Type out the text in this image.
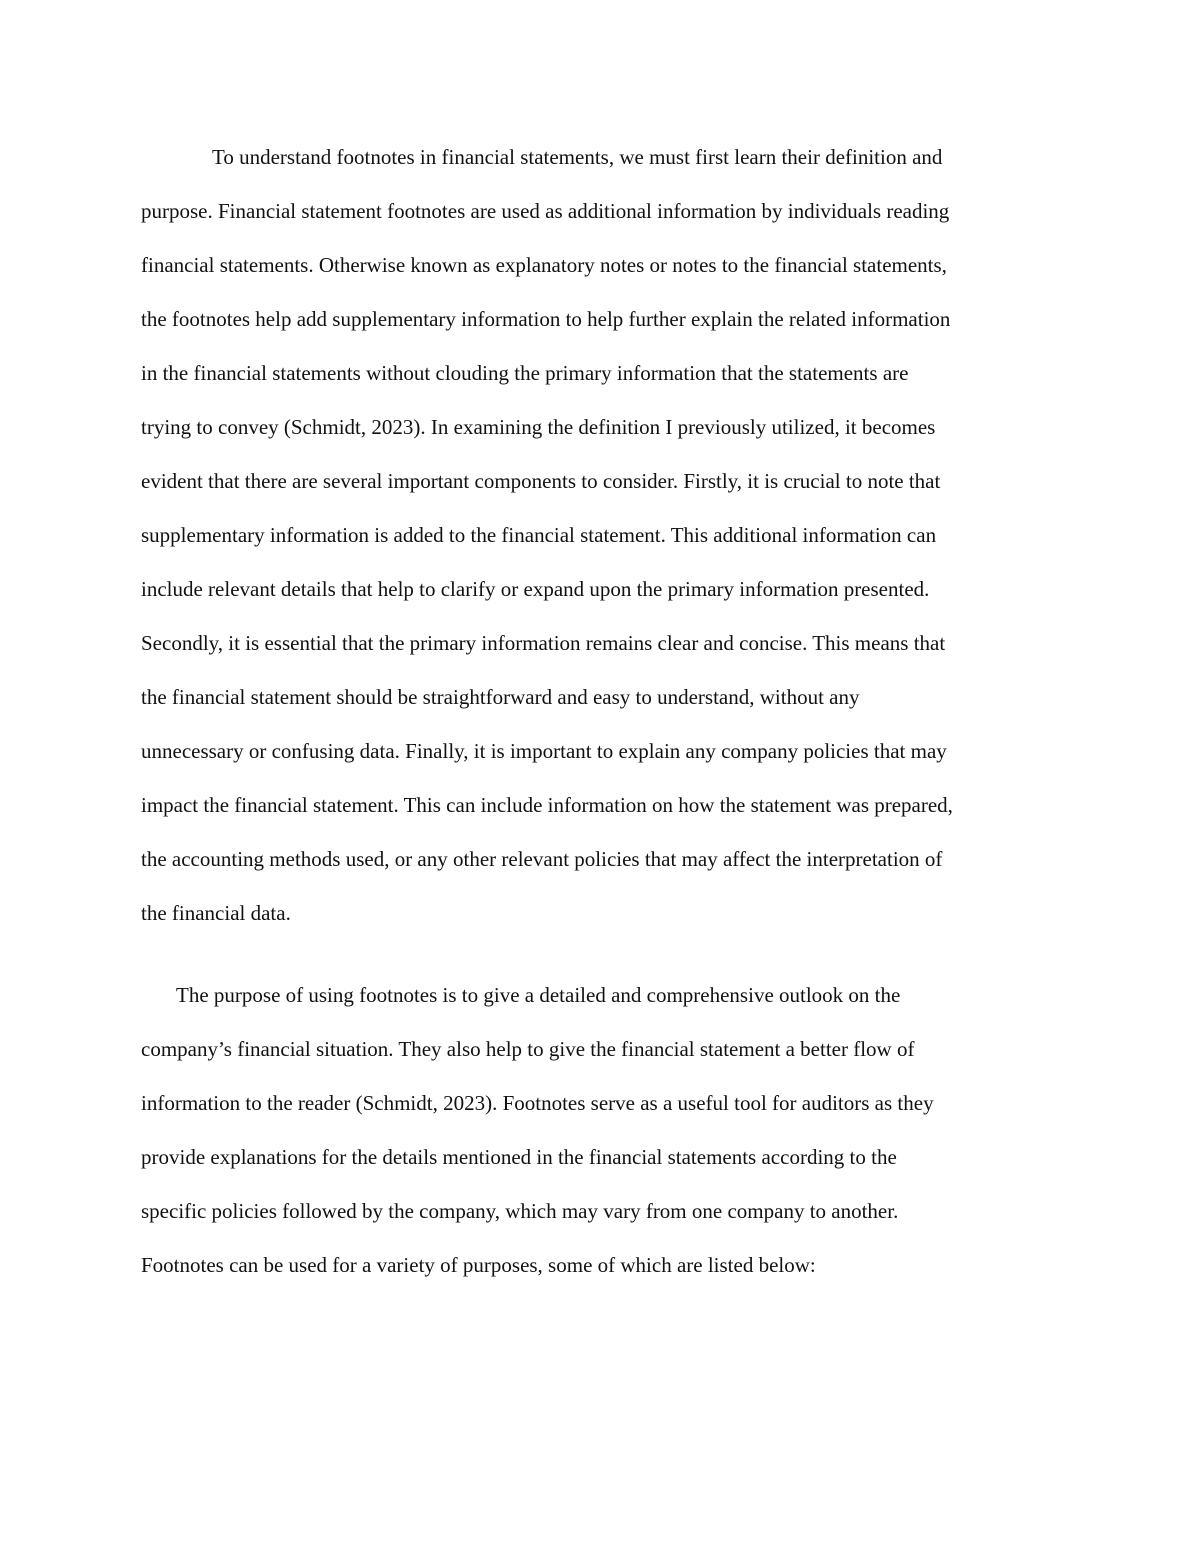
To understand footnotes in financial statements, we must first learn their definition and

purpose. Financial statement footnotes are used as additional information by individuals reading

financial statements. Otherwise known as explanatory notes or notes to the financial statements,

the footnotes help add supplementary information to help further explain the related information

in the financial statements without clouding the primary information that the statements are

trying to convey (Schmidt, 2023). In examining the definition I previously utilized, it becomes

evident that there are several important components to consider. Firstly, it is crucial to note that

supplementary information is added to the financial statement. This additional information can

include relevant details that help to clarify or expand upon the primary information presented.

Secondly, it is essential that the primary information remains clear and concise. This means that

the financial statement should be straightforward and easy to understand, without any

unnecessary or confusing data. Finally, it is important to explain any company policies that may

impact the financial statement. This can include information on how the statement was prepared,

the accounting methods used, or any other relevant policies that may affect the interpretation of

the financial data.

The purpose of using footnotes is to give a detailed and comprehensive outlook on the

company’s financial situation. They also help to give the financial statement a better flow of

information to the reader (Schmidt, 2023). Footnotes serve as a useful tool for auditors as they

provide explanations for the details mentioned in the financial statements according to the

specific policies followed by the company, which may vary from one company to another.

Footnotes can be used for a variety of purposes, some of which are listed below:
